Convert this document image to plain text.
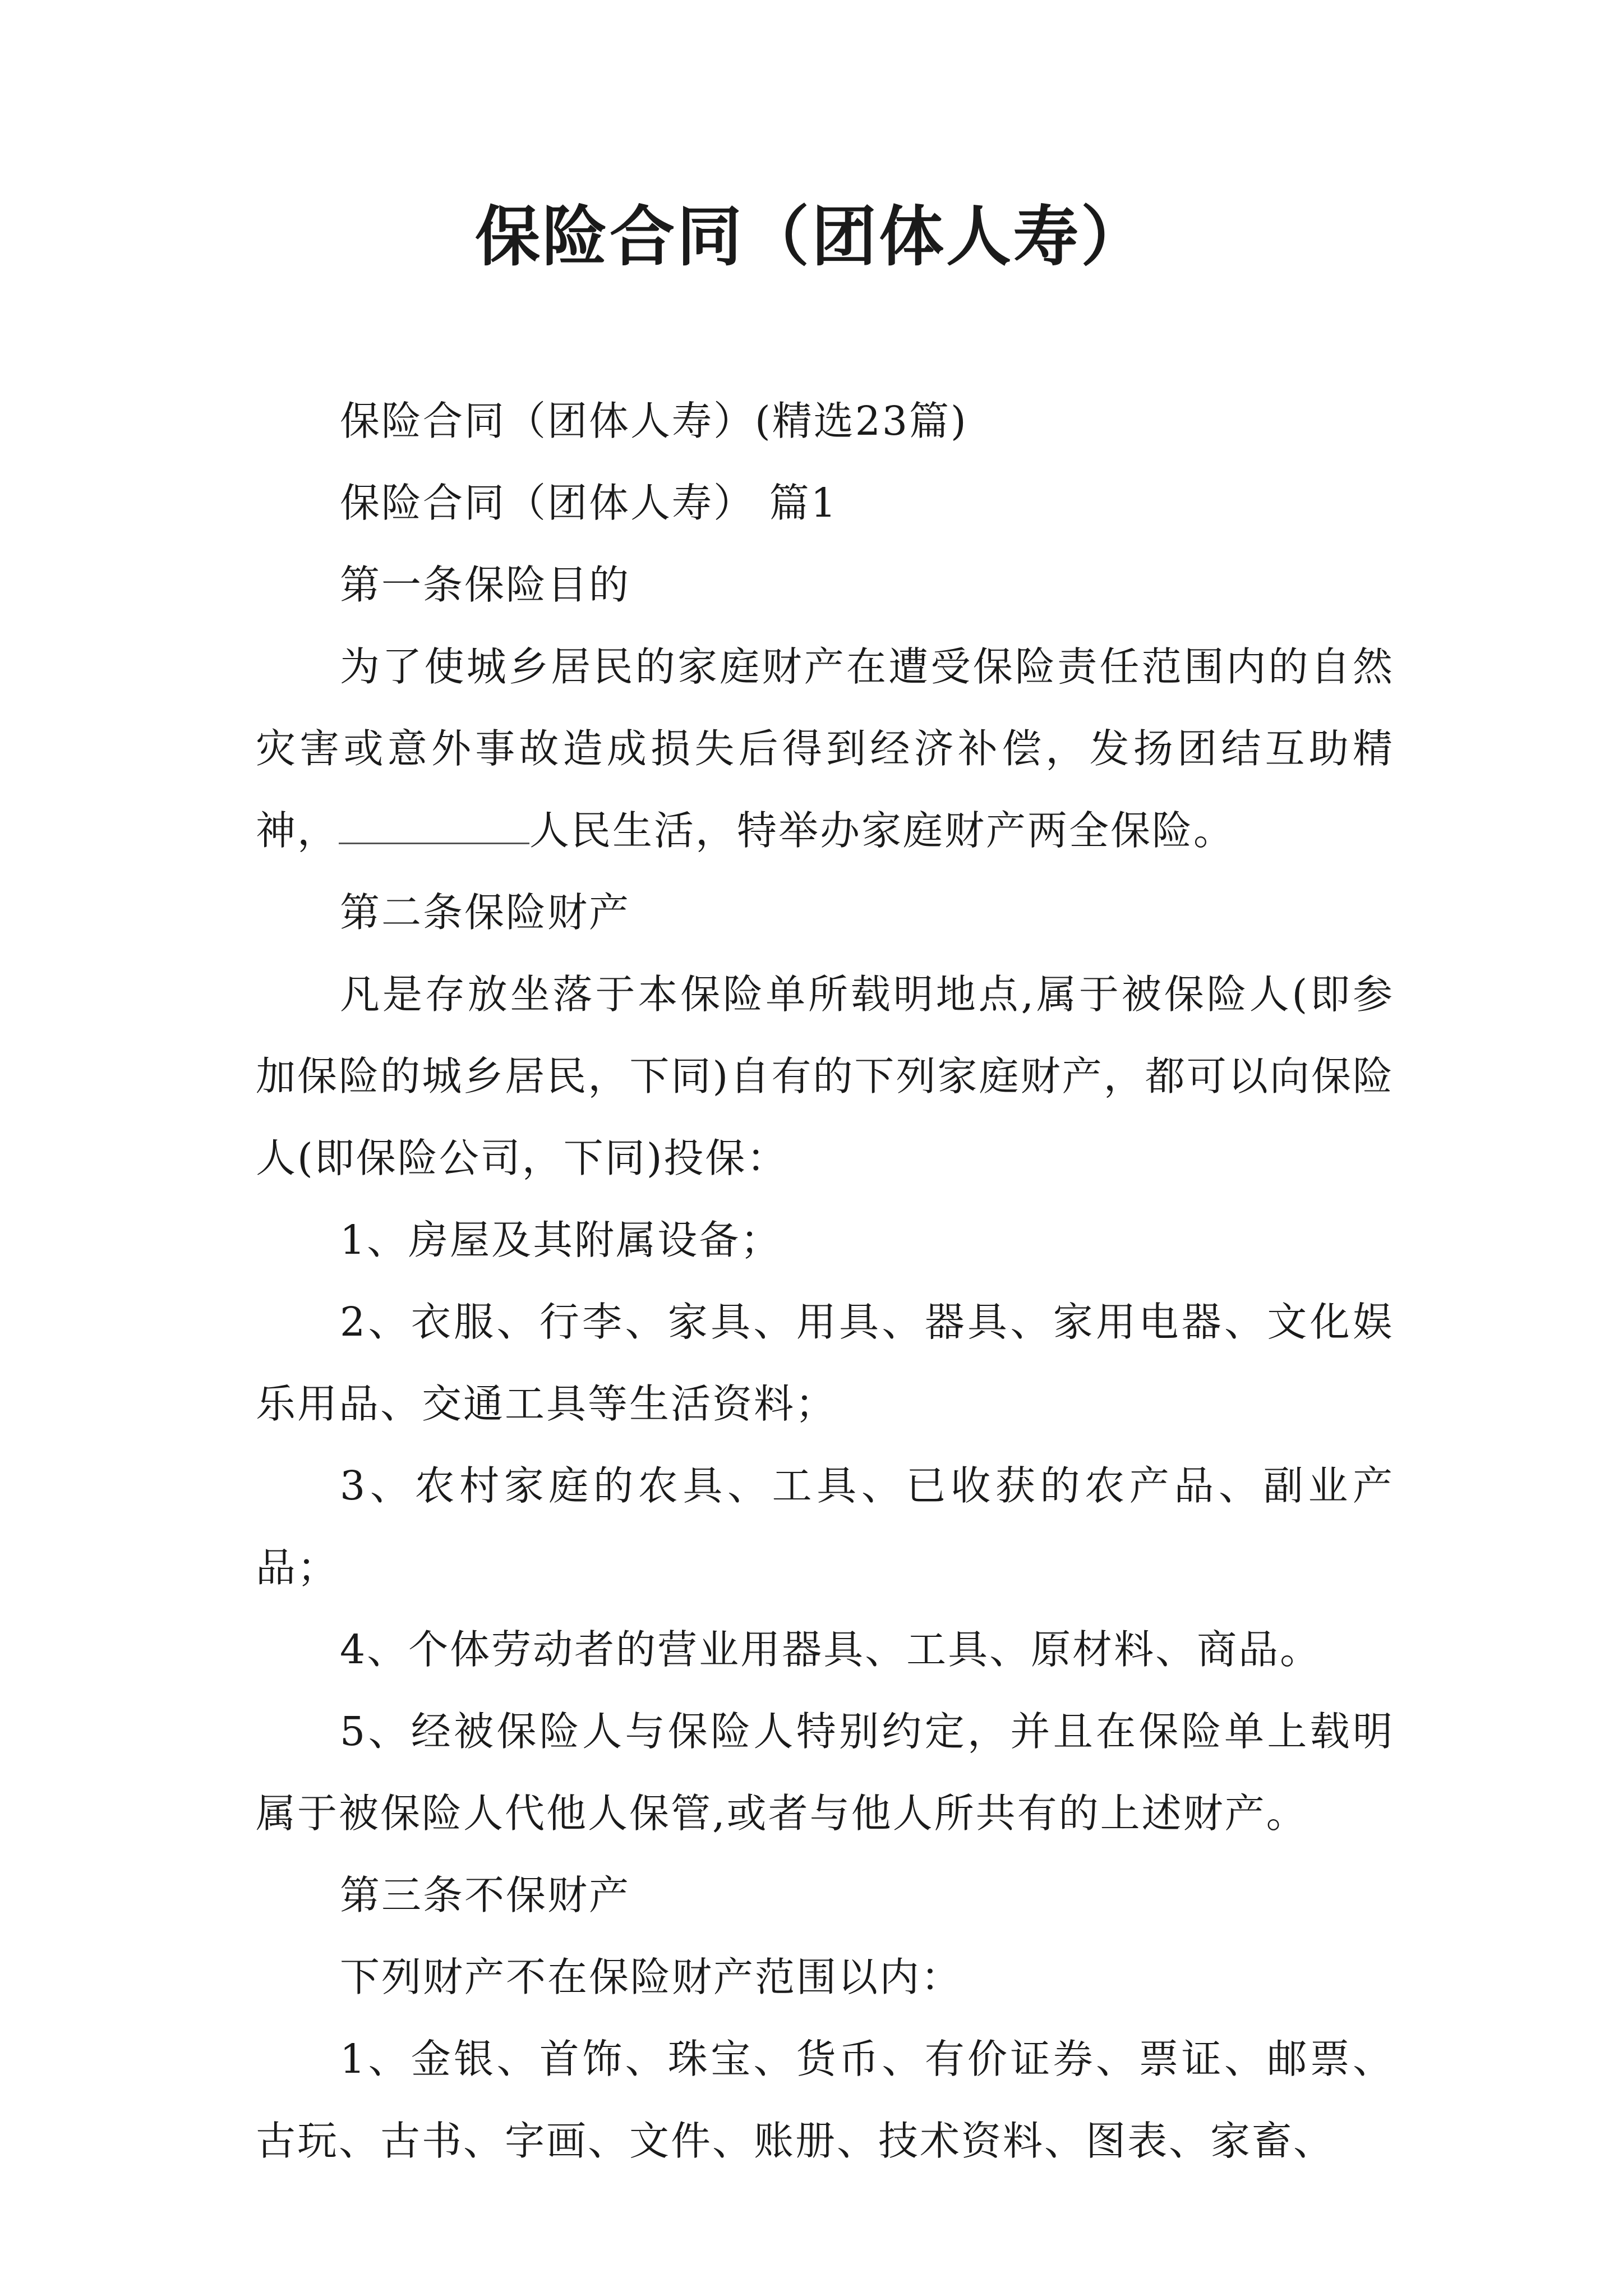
保险合同（团体人寿）

保险合同（团体人寿）(精选23篇)

保险合同（团体人寿） 篇1

第一条保险目的

为了使城乡居民的家庭财产在遭受保险责任范围内的自然灾害或意外事故造成损失后得到经济补偿，发扬团结互助精神，	人民生活，特举办家庭财产两全保险。

第二条保险财产

凡是存放坐落于本保险单所载明地点,属于被保险人(即参加保险的城乡居民，下同)自有的下列家庭财产，都可以向保险人(即保险公司，下同)投保：

1、房屋及其附属设备；

2、衣服、行李、家具、用具、器具、家用电器、文化娱乐用品、交通工具等生活资料；

3、农村家庭的农具、工具、已收获的农产品、副业产品；

4、个体劳动者的营业用器具、工具、原材料、商品。

5、经被保险人与保险人特别约定，并且在保险单上载明属于被保险人代他人保管,或者与他人所共有的上述财产。

第三条不保财产

下列财产不在保险财产范围以内：

1、金银、首饰、珠宝、货币、有价证券、票证、邮票、古玩、古书、字画、文件、账册、技术资料、图表、家畜、
